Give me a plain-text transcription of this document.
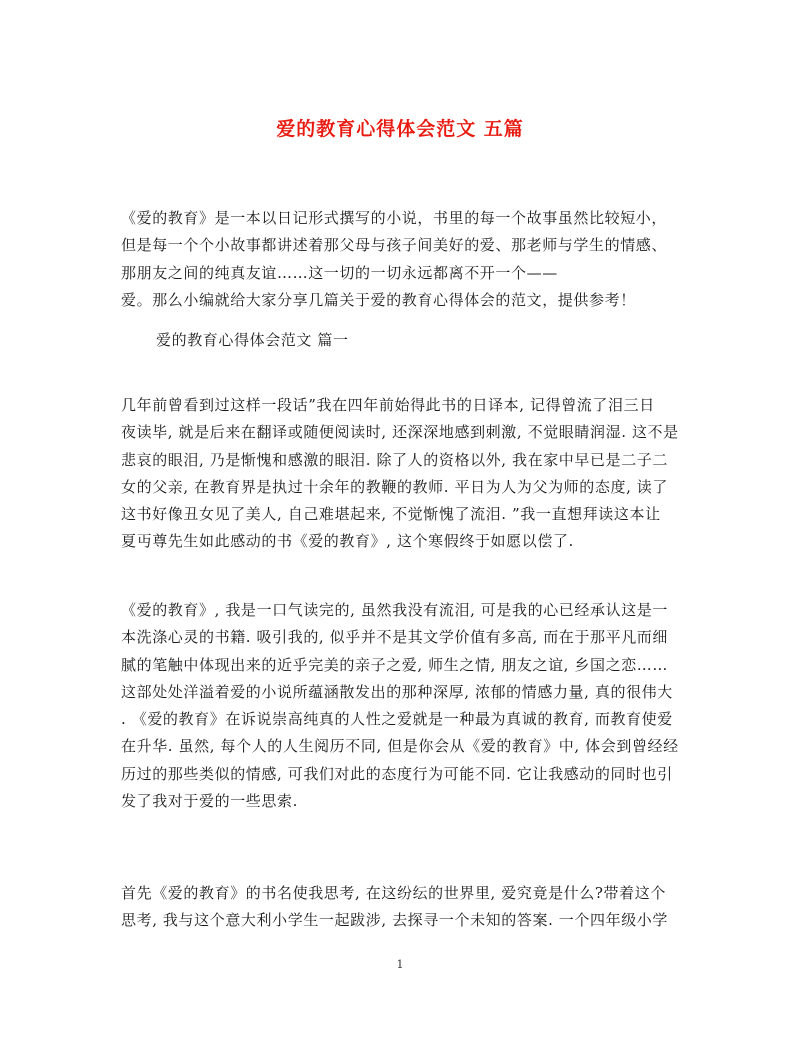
爱的教育心得体会范文 五篇

《爱的教育》是一本以日记形式撰写的小说，书里的每一个故事虽然比较短小，

但是每一个个小故事都讲述着那父母与孩子间美好的爱、那老师与学生的情感、

那朋友之间的纯真友谊……这一切的一切永远都离不开一个——

爱。那么小编就给大家分享几篇关于爱的教育心得体会的范文，提供参考！

爱的教育心得体会范文 篇一

几年前曾看到过这样一段话”我在四年前始得此书的日译本, 记得曾流了泪三日

夜读毕, 就是后来在翻译或随便阅读时, 还深深地感到刺激, 不觉眼睛润湿. 这不是

悲哀的眼泪, 乃是惭愧和感激的眼泪. 除了人的资格以外, 我在家中早已是二子二

女的父亲, 在教育界是执过十余年的教鞭的教师. 平日为人为父为师的态度, 读了

这书好像丑女见了美人, 自己难堪起来, 不觉惭愧了流泪. ”我一直想拜读这本让

夏丏尊先生如此感动的书《爱的教育》, 这个寒假终于如愿以偿了.

《爱的教育》, 我是一口气读完的, 虽然我没有流泪, 可是我的心已经承认这是一

本洗涤心灵的书籍. 吸引我的, 似乎并不是其文学价值有多高, 而在于那平凡而细

腻的笔触中体现出来的近乎完美的亲子之爱, 师生之情, 朋友之谊, 乡国之恋……

这部处处洋溢着爱的小说所蕴涵散发出的那种深厚, 浓郁的情感力量, 真的很伟大

. 《爱的教育》在诉说崇高纯真的人性之爱就是一种最为真诚的教育, 而教育使爱

在升华. 虽然, 每个人的人生阅历不同, 但是你会从《爱的教育》中, 体会到曾经经

历过的那些类似的情感, 可我们对此的态度行为可能不同. 它让我感动的同时也引

发了我对于爱的一些思索.

首先《爱的教育》的书名使我思考, 在这纷纭的世界里, 爱究竟是什么?带着这个

思考, 我与这个意大利小学生一起跋涉, 去探寻一个未知的答案. 一个四年级小学

1
